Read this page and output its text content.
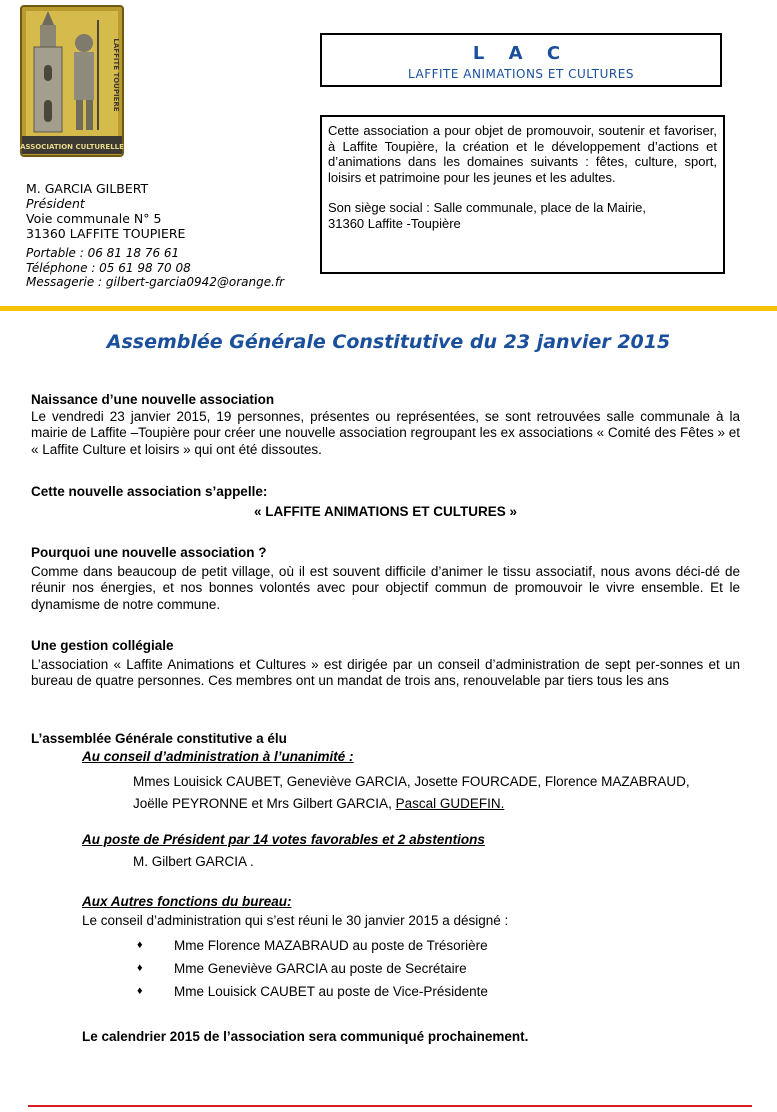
ASSOCIATION CULTURELLE
LAFFITE TOUPIERE
M. GARCIA GILBERT
Président
Voie communale N° 5
31360 LAFFITE TOUPIERE
Portable : 06 81 18 76 61
Téléphone : 05 61 98 70 08
Messagerie : gilbert-garcia0942@orange.fr
L A C
LAFFITE ANIMATIONS ET CULTURES

Cette association a pour objet de promouvoir, soutenir et favoriser, à Laffite Toupière, la création et le développement d’actions et d’animations dans les domaines suivants : fêtes, culture, sport, loisirs et patrimoine pour les jeunes et les adultes.

Son siège social : Salle communale, place de la Mairie,
31360 Laffite -Toupière

Assemblée Générale Constitutive du 23 janvier 2015
Naissance d’une nouvelle association
Le vendredi 23 janvier 2015, 19 personnes, présentes ou représentées, se sont retrouvées salle communale à la mairie de Laffite –Toupière pour créer une nouvelle association regroupant les ex associations « Comité des Fêtes » et « Laffite Culture et loisirs » qui ont été dissoutes.
Cette nouvelle association s’appelle:
« LAFFITE ANIMATIONS ET CULTURES »
Pourquoi une nouvelle association ?
Comme dans beaucoup de petit village, où il est souvent difficile d’animer le tissu associatif, nous avons déci-dé de réunir nos énergies, et nos bonnes volontés avec pour objectif commun de promouvoir le vivre ensemble. Et le dynamisme de notre commune.
Une gestion collégiale
L’association « Laffite Animations et Cultures » est dirigée par un conseil d’administration de sept per-sonnes et un bureau de quatre personnes. Ces membres ont un mandat de trois ans, renouvelable par tiers tous les ans
L’assemblée Générale constitutive a élu
Au conseil d’administration à l’unanimité :
Mmes Louisick CAUBET, Geneviève GARCIA, Josette FOURCADE, Florence MAZABRAUD,
Joëlle PEYRONNE et Mrs Gilbert GARCIA, Pascal GUDEFIN.
Au poste de Président par 14 votes favorables et 2 abstentions
M. Gilbert GARCIA .
Aux Autres fonctions du bureau:
Le conseil d’administration qui s’est réuni le 30 janvier 2015 a désigné :
♦	Mme Florence MAZABRAUD au poste de Trésorière
♦	Mme Geneviève GARCIA au poste de Secrétaire
♦	Mme Louisick CAUBET au poste de Vice-Présidente
Le calendrier 2015 de l’association sera communiqué prochainement.
